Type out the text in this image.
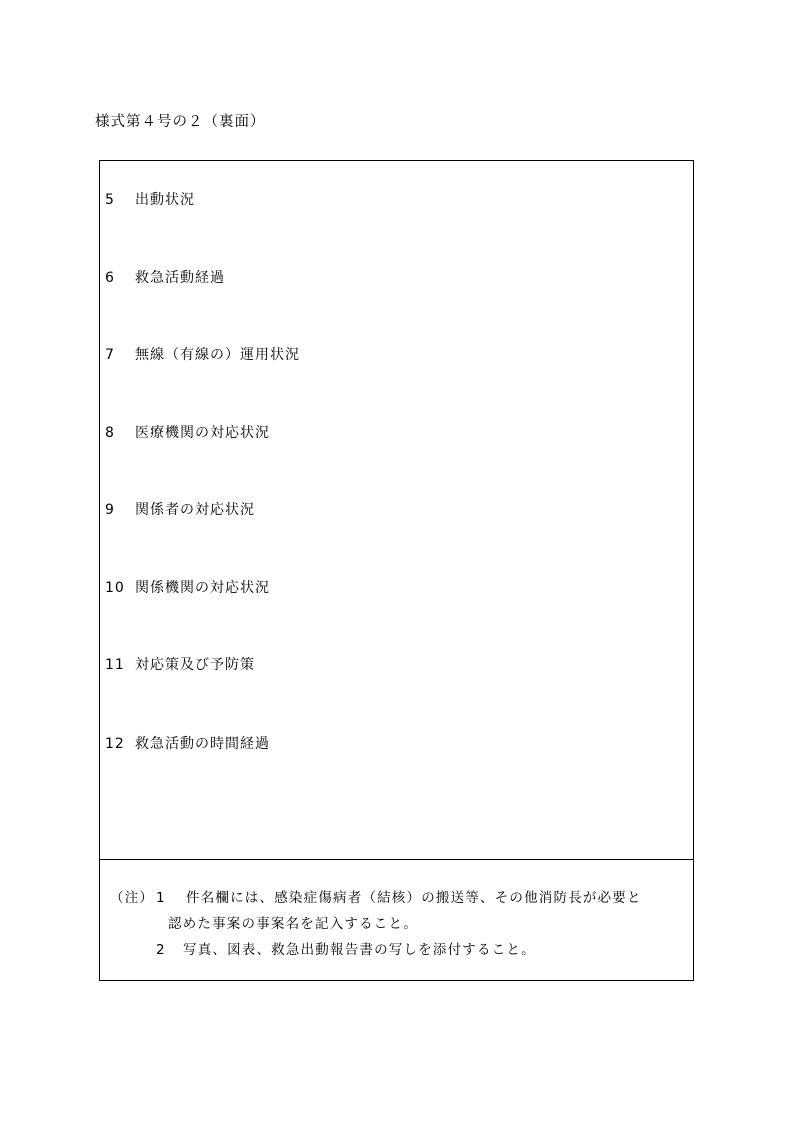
様式第４号の２（裏面）
5	出動状況
6	救急活動経過
7	無線（有線の）運用状況
8	医療機関の対応状況
9	関係者の対応状況
10 関係機関の対応状況
11 対応策及び予防策
12 救急活動の時間経過
（注） 1 件名欄には、感染症傷病者（結核）の搬送等、その他消防長が必要と
認めた事案の事案名を記入すること。
2 写真、図表、救急出動報告書の写しを添付すること。
